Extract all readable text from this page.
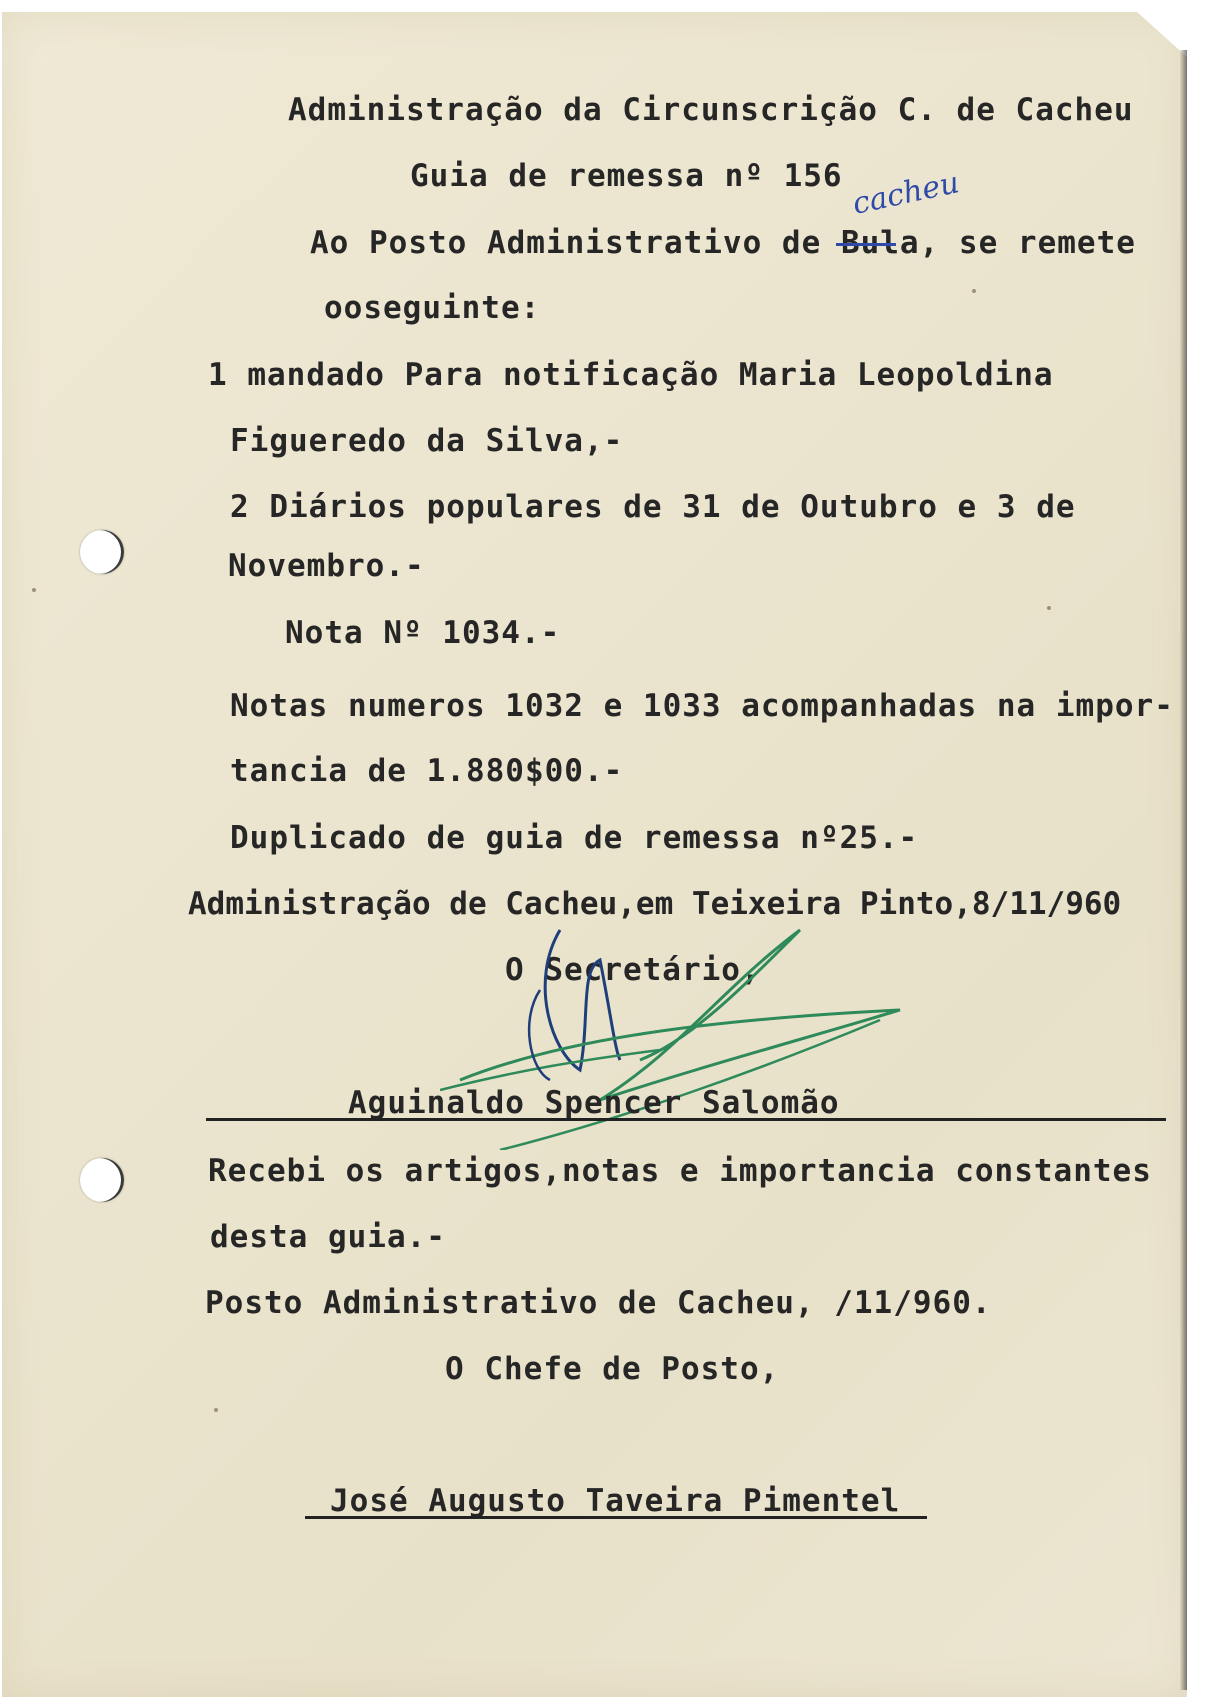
Administração da Circunscrição C. de Cacheu
Guia de remessa nº 156 cacheu
Ao Posto Administrativo de Bula, se remete
ooseguinte:
1 mandado Para notificação Maria Leopoldina
Figueredo da Silva,-
2 Diários populares de 31 de Outubro e 3 de
Novembro.-
Nota Nº 1034.-
Notas numeros 1032 e 1033 acompanhadas na impor-
tancia de 1.880$00.-
Duplicado de guia de remessa nº25.-
Administração de Cacheu,em Teixeira Pinto,8/11/960
O Secretário,
Aguinaldo Spencer Salomão
Recebi os artigos,notas e importancia constantes
desta guia.-
Posto Administrativo de Cacheu, /11/960.
O Chefe de Posto,
José Augusto Taveira Pimentel
